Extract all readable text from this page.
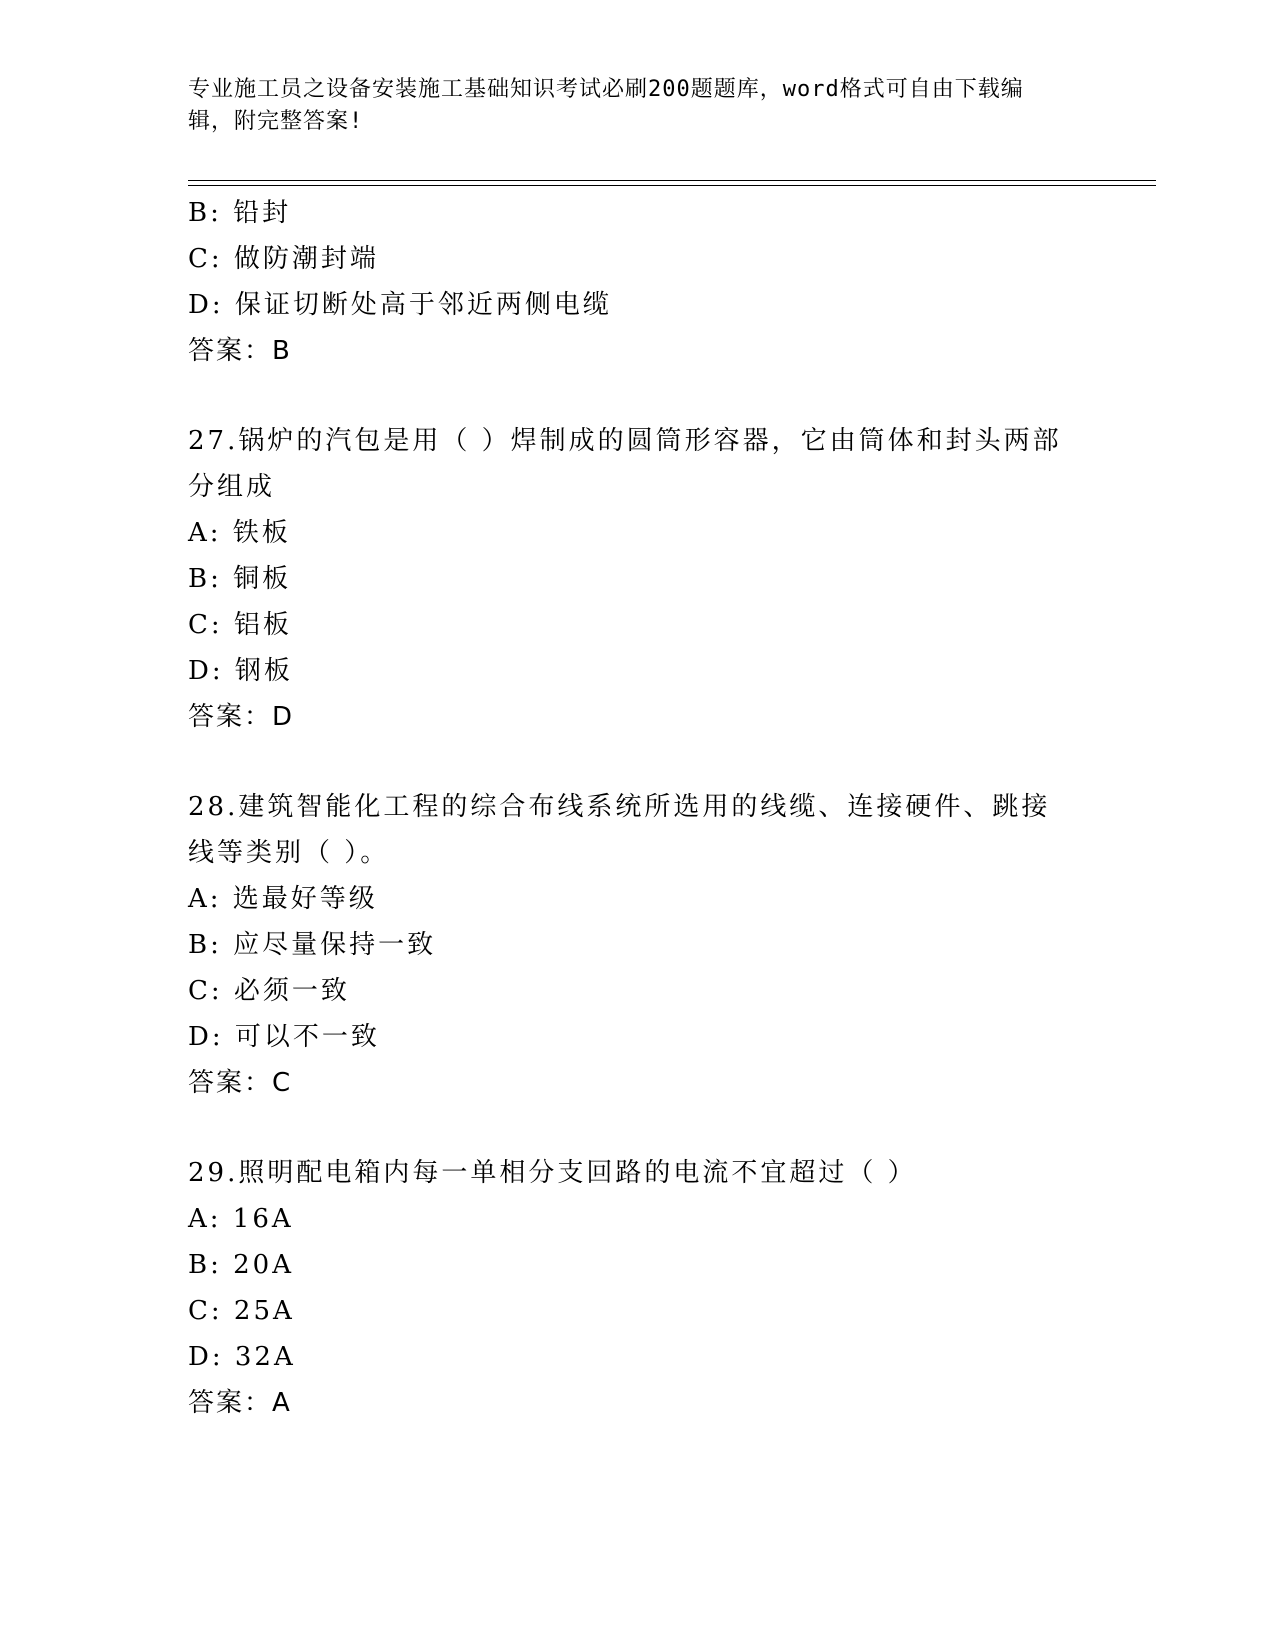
专业施工员之设备安装施工基础知识考试必刷200题题库，word格式可自由下载编辑，附完整答案!
B: 铅封
C: 做防潮封端
D: 保证切断处高于邻近两侧电缆
答案：B
27.锅炉的汽包是用（ ）焊制成的圆筒形容器，它由筒体和封头两部分组成
A: 铁板
B: 铜板
C: 铝板
D: 钢板
答案：D
28.建筑智能化工程的综合布线系统所选用的线缆、连接硬件、跳接线等类别（ ）。
A: 选最好等级
B: 应尽量保持一致
C: 必须一致
D: 可以不一致
答案：C
29.照明配电箱内每一单相分支回路的电流不宜超过（ ）
A: 16A
B: 20A
C: 25A
D: 32A
答案：A
